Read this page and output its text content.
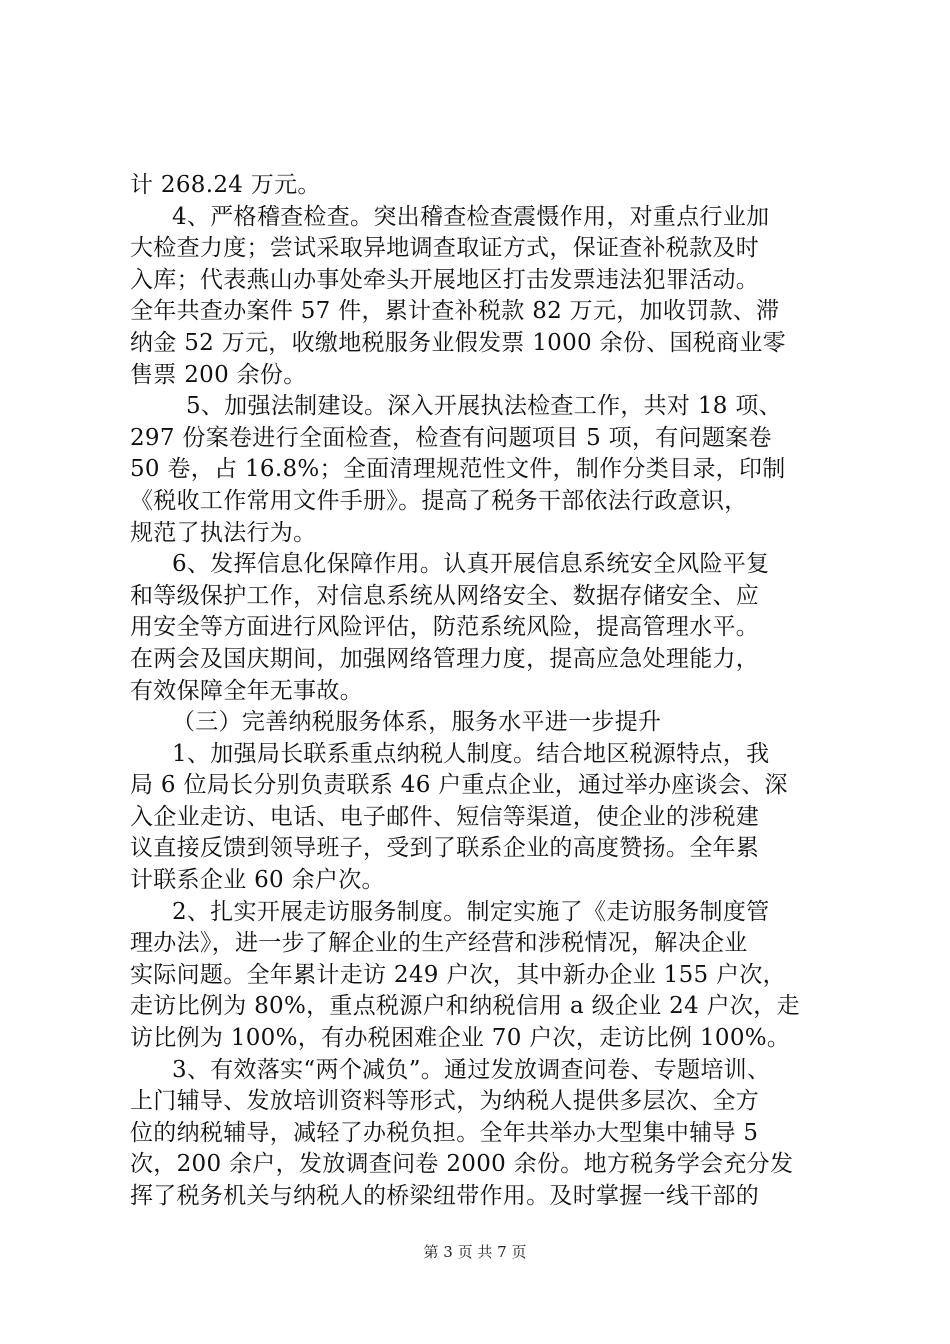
计 268.24 万元。
4、严格稽查检查。突出稽查检查震慑作用，对重点行业加
大检查力度；尝试采取异地调查取证方式，保证查补税款及时
入库；代表燕山办事处牵头开展地区打击发票违法犯罪活动。
全年共查办案件 57 件，累计查补税款 82 万元，加收罚款、滞
纳金 52 万元，收缴地税服务业假发票 1000 余份、国税商业零
售票 200 余份。
5、加强法制建设。深入开展执法检查工作，共对 18 项、
297 份案卷进行全面检查，检查有问题项目 5 项，有问题案卷
50 卷，占 16.8%；全面清理规范性文件，制作分类目录，印制
《税收工作常用文件手册》。提高了税务干部依法行政意识，
规范了执法行为。
6、发挥信息化保障作用。认真开展信息系统安全风险平复
和等级保护工作，对信息系统从网络安全、数据存储安全、应
用安全等方面进行风险评估，防范系统风险，提高管理水平。
在两会及国庆期间，加强网络管理力度，提高应急处理能力，
有效保障全年无事故。
（三）完善纳税服务体系，服务水平进一步提升
1、加强局长联系重点纳税人制度。结合地区税源特点，我
局 6 位局长分别负责联系 46 户重点企业，通过举办座谈会、深
入企业走访、电话、电子邮件、短信等渠道，使企业的涉税建
议直接反馈到领导班子，受到了联系企业的高度赞扬。全年累
计联系企业 60 余户次。
2、扎实开展走访服务制度。制定实施了《走访服务制度管
理办法》，进一步了解企业的生产经营和涉税情况，解决企业
实际问题。全年累计走访 249 户次，其中新办企业 155 户次，
走访比例为 80%，重点税源户和纳税信用 a 级企业 24 户次，走
访比例为 100%，有办税困难企业 70 户次，走访比例 100%。
3、有效落实“两个减负”。通过发放调查问卷、专题培训、
上门辅导、发放培训资料等形式，为纳税人提供多层次、全方
位的纳税辅导，减轻了办税负担。全年共举办大型集中辅导 5
次，200 余户，发放调查问卷 2000 余份。地方税务学会充分发
挥了税务机关与纳税人的桥梁纽带作用。及时掌握一线干部的
第 3 页 共 7 页
